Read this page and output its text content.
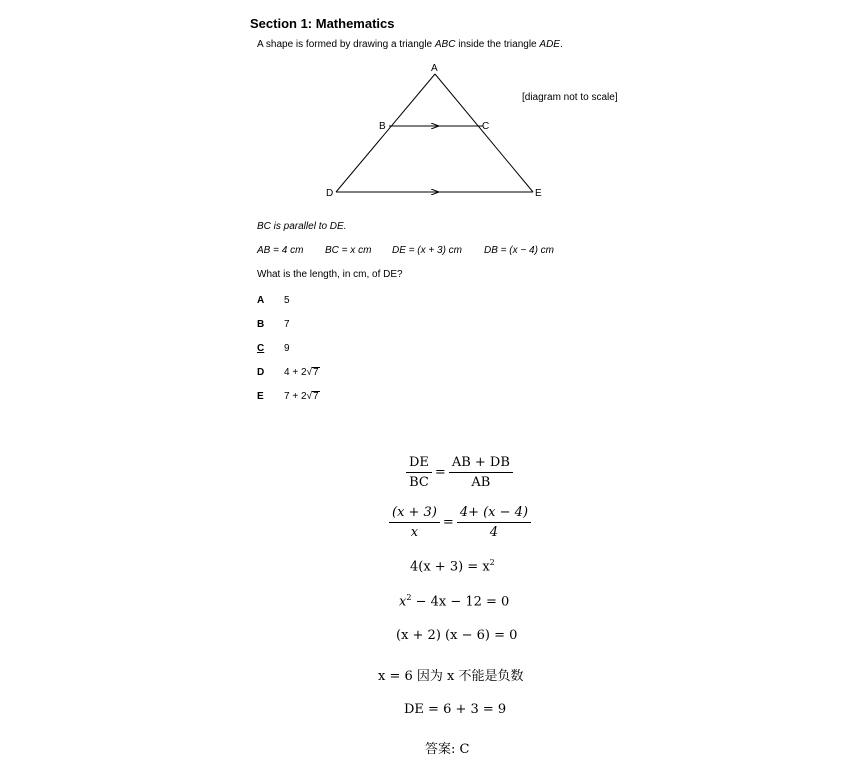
Section 1: Mathematics
A shape is formed by drawing a triangle ABC inside the triangle ADE.
A
B	C
D	E
[diagram not to scale]
BC is parallel to DE.
AB = 4 cm BC = x cm DE = (x + 3) cm DB = (x − 4) cm
What is the length, in cm, of DE?
A 5
B 7
C 9
D 4 + 2√7
E 7 + 2√7
$\frac{DE}{BC} = \frac{AB + DB}{AB}$
$\frac{(x + 3)}{x} = \frac{4+ (x - 4)}{4}$
$4(x + 3) = x^2$
$x^2 - 4x - 12 = 0$
(x + 2) (x − 6) = 0
x = 6 因为 x 不能是负数
DE = 6 + 3 = 9
答案: C
